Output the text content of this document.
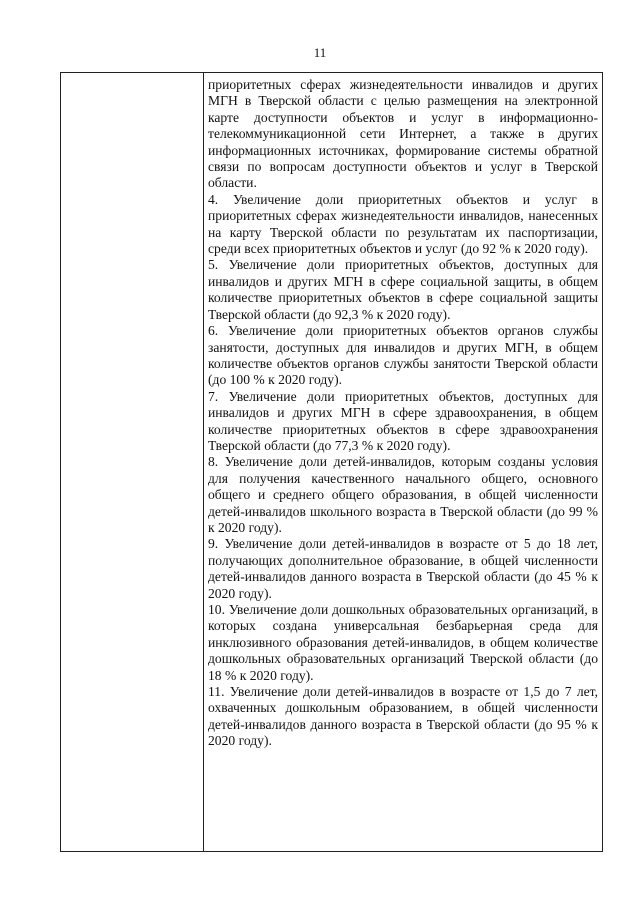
11

приоритетных сферах жизнедеятельности инвалидов и других МГН в Тверской области с целью размещения на электронной карте доступности объектов и услуг в информационно-телекоммуникационной сети Интернет, а также в других информационных источниках, формирование системы обратной связи по вопросам доступности объектов и услуг в Тверской области.

4. Увеличение доли приоритетных объектов и услуг в приоритетных сферах жизнедеятельности инвалидов, нанесенных на карту Тверской области по результатам их паспортизации, среди всех приоритетных объектов и услуг (до 92 % к 2020 году).

5. Увеличение доли приоритетных объектов, доступных для инвалидов и других МГН в сфере социальной защиты, в общем количестве приоритетных объектов в сфере социальной защиты Тверской области (до 92,3 % к 2020 году).

6. Увеличение доли приоритетных объектов органов службы занятости, доступных для инвалидов и других МГН, в общем количестве объектов органов службы занятости Тверской области (до 100 % к 2020 году).

7. Увеличение доли приоритетных объектов, доступных для инвалидов и других МГН в сфере здравоохранения, в общем количестве приоритетных объектов в сфере здравоохранения Тверской области (до 77,3 % к 2020 году).

8. Увеличение доли детей-инвалидов, которым созданы условия для получения качественного начального общего, основного общего и среднего общего образования, в общей численности детей-инвалидов школьного возраста в Тверской области (до 99 % к 2020 году).

9. Увеличение доли детей-инвалидов в возрасте от 5 до 18 лет, получающих дополнительное образование, в общей численности детей-инвалидов данного возраста в Тверской области (до 45 % к 2020 году).

10. Увеличение доли дошкольных образовательных организаций, в которых создана универсальная безбарьерная среда для инклюзивного образования детей-инвалидов, в общем количестве дошкольных образовательных организаций Тверской области (до 18 % к 2020 году).

11. Увеличение доли детей-инвалидов в возрасте от 1,5 до 7 лет, охваченных дошкольным образованием, в общей численности детей-инвалидов данного возраста в Тверской области (до 95 % к 2020 году).
